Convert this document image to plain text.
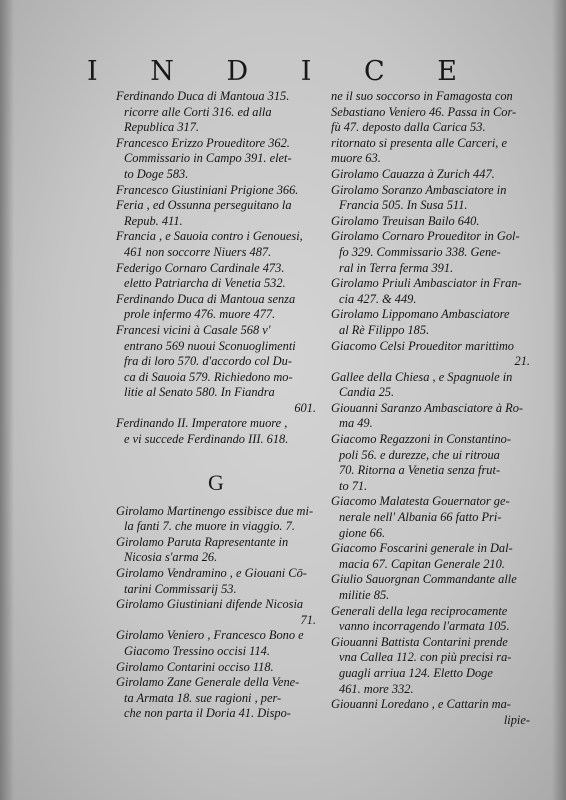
I N D I C E
Ferdinando Duca di Mantoua 315.
ricorre alle Corti 316. ed alla
Republica 317.
Francesco Erizzo Proueditore 362.
Commissario in Campo 391. elet-
to Doge 583.
Francesco Giustiniani Prigione 366.
Feria , ed Ossunna perseguitano la
Repub. 411.
Francia , e Sauoia contro i Genouesi,
461 non soccorre Niuers 487.
Federigo Cornaro Cardinale 473.
eletto Patriarcha di Venetia 532.
Ferdinando Duca di Mantoua senza
prole infermo 476. muore 477.
Francesi vicini à Casale 568 v'
entrano 569 nuoui Sconuoglimenti
fra di loro 570. d'accordo col Du-
ca di Sauoia 579. Richiedono mo-
litie al Senato 580. In Fiandra
601.
Ferdinando II. Imperatore muore ,
e vi succede Ferdinando III. 618.
G
Girolamo Martinengo essibisce due mi-
la fanti 7. che muore in viaggio. 7.
Girolamo Paruta Rapresentante in
Nicosia s'arma 26.
Girolamo Vendramino , e Giouani Cō-
tarini Commissarij 53.
Girolamo Giustiniani difende Nicosia
71.
Girolamo Veniero , Francesco Bono e
Giacomo Tressino occisi 114.
Girolamo Contarini occiso 118.
Girolamo Zane Generale della Vene-
ta Armata 18. sue ragioni , per-
che non parta il Doria 41. Dispo-
ne il suo soccorso in Famagosta con
Sebastiano Veniero 46. Passa in Cor-
fù 47. deposto dalla Carica 53.
ritornato si presenta alle Carceri, e
muore 63.
Girolamo Cauazza à Zurich 447.
Girolamo Soranzo Ambasciatore in
Francia 505. In Susa 511.
Girolamo Treuisan Bailo 640.
Girolamo Cornaro Proueditor in Gol-
fo 329. Commissario 338. Gene-
ral in Terra ferma 391.
Girolamo Priuli Ambasciator in Fran-
cia 427. & 449.
Girolamo Lippomano Ambasciatore
al Rè Filippo 185.
Giacomo Celsi Proueditor marittimo
21.
Gallee della Chiesa , e Spagnuole in
Candia 25.
Giouanni Saranzo Ambasciatore à Ro-
ma 49.
Giacomo Regazzoni in Constantino-
poli 56. e durezze, che ui ritroua
70. Ritorna a Venetia senza frut-
to 71.
Giacomo Malatesta Gouernator ge-
nerale nell' Albania 66 fatto Pri-
gione 66.
Giacomo Foscarini generale in Dal-
macia 67. Capitan Generale 210.
Giulio Sauorgnan Commandante alle
militie 85.
Generali della lega reciprocamente
vanno incorragendo l'armata 105.
Giouanni Battista Contarini prende
vna Callea 112. con più precisi ra-
guagli arriua 124. Eletto Doge
461. more 332.
Giouanni Loredano , e Cattarin ma-
lipie-
